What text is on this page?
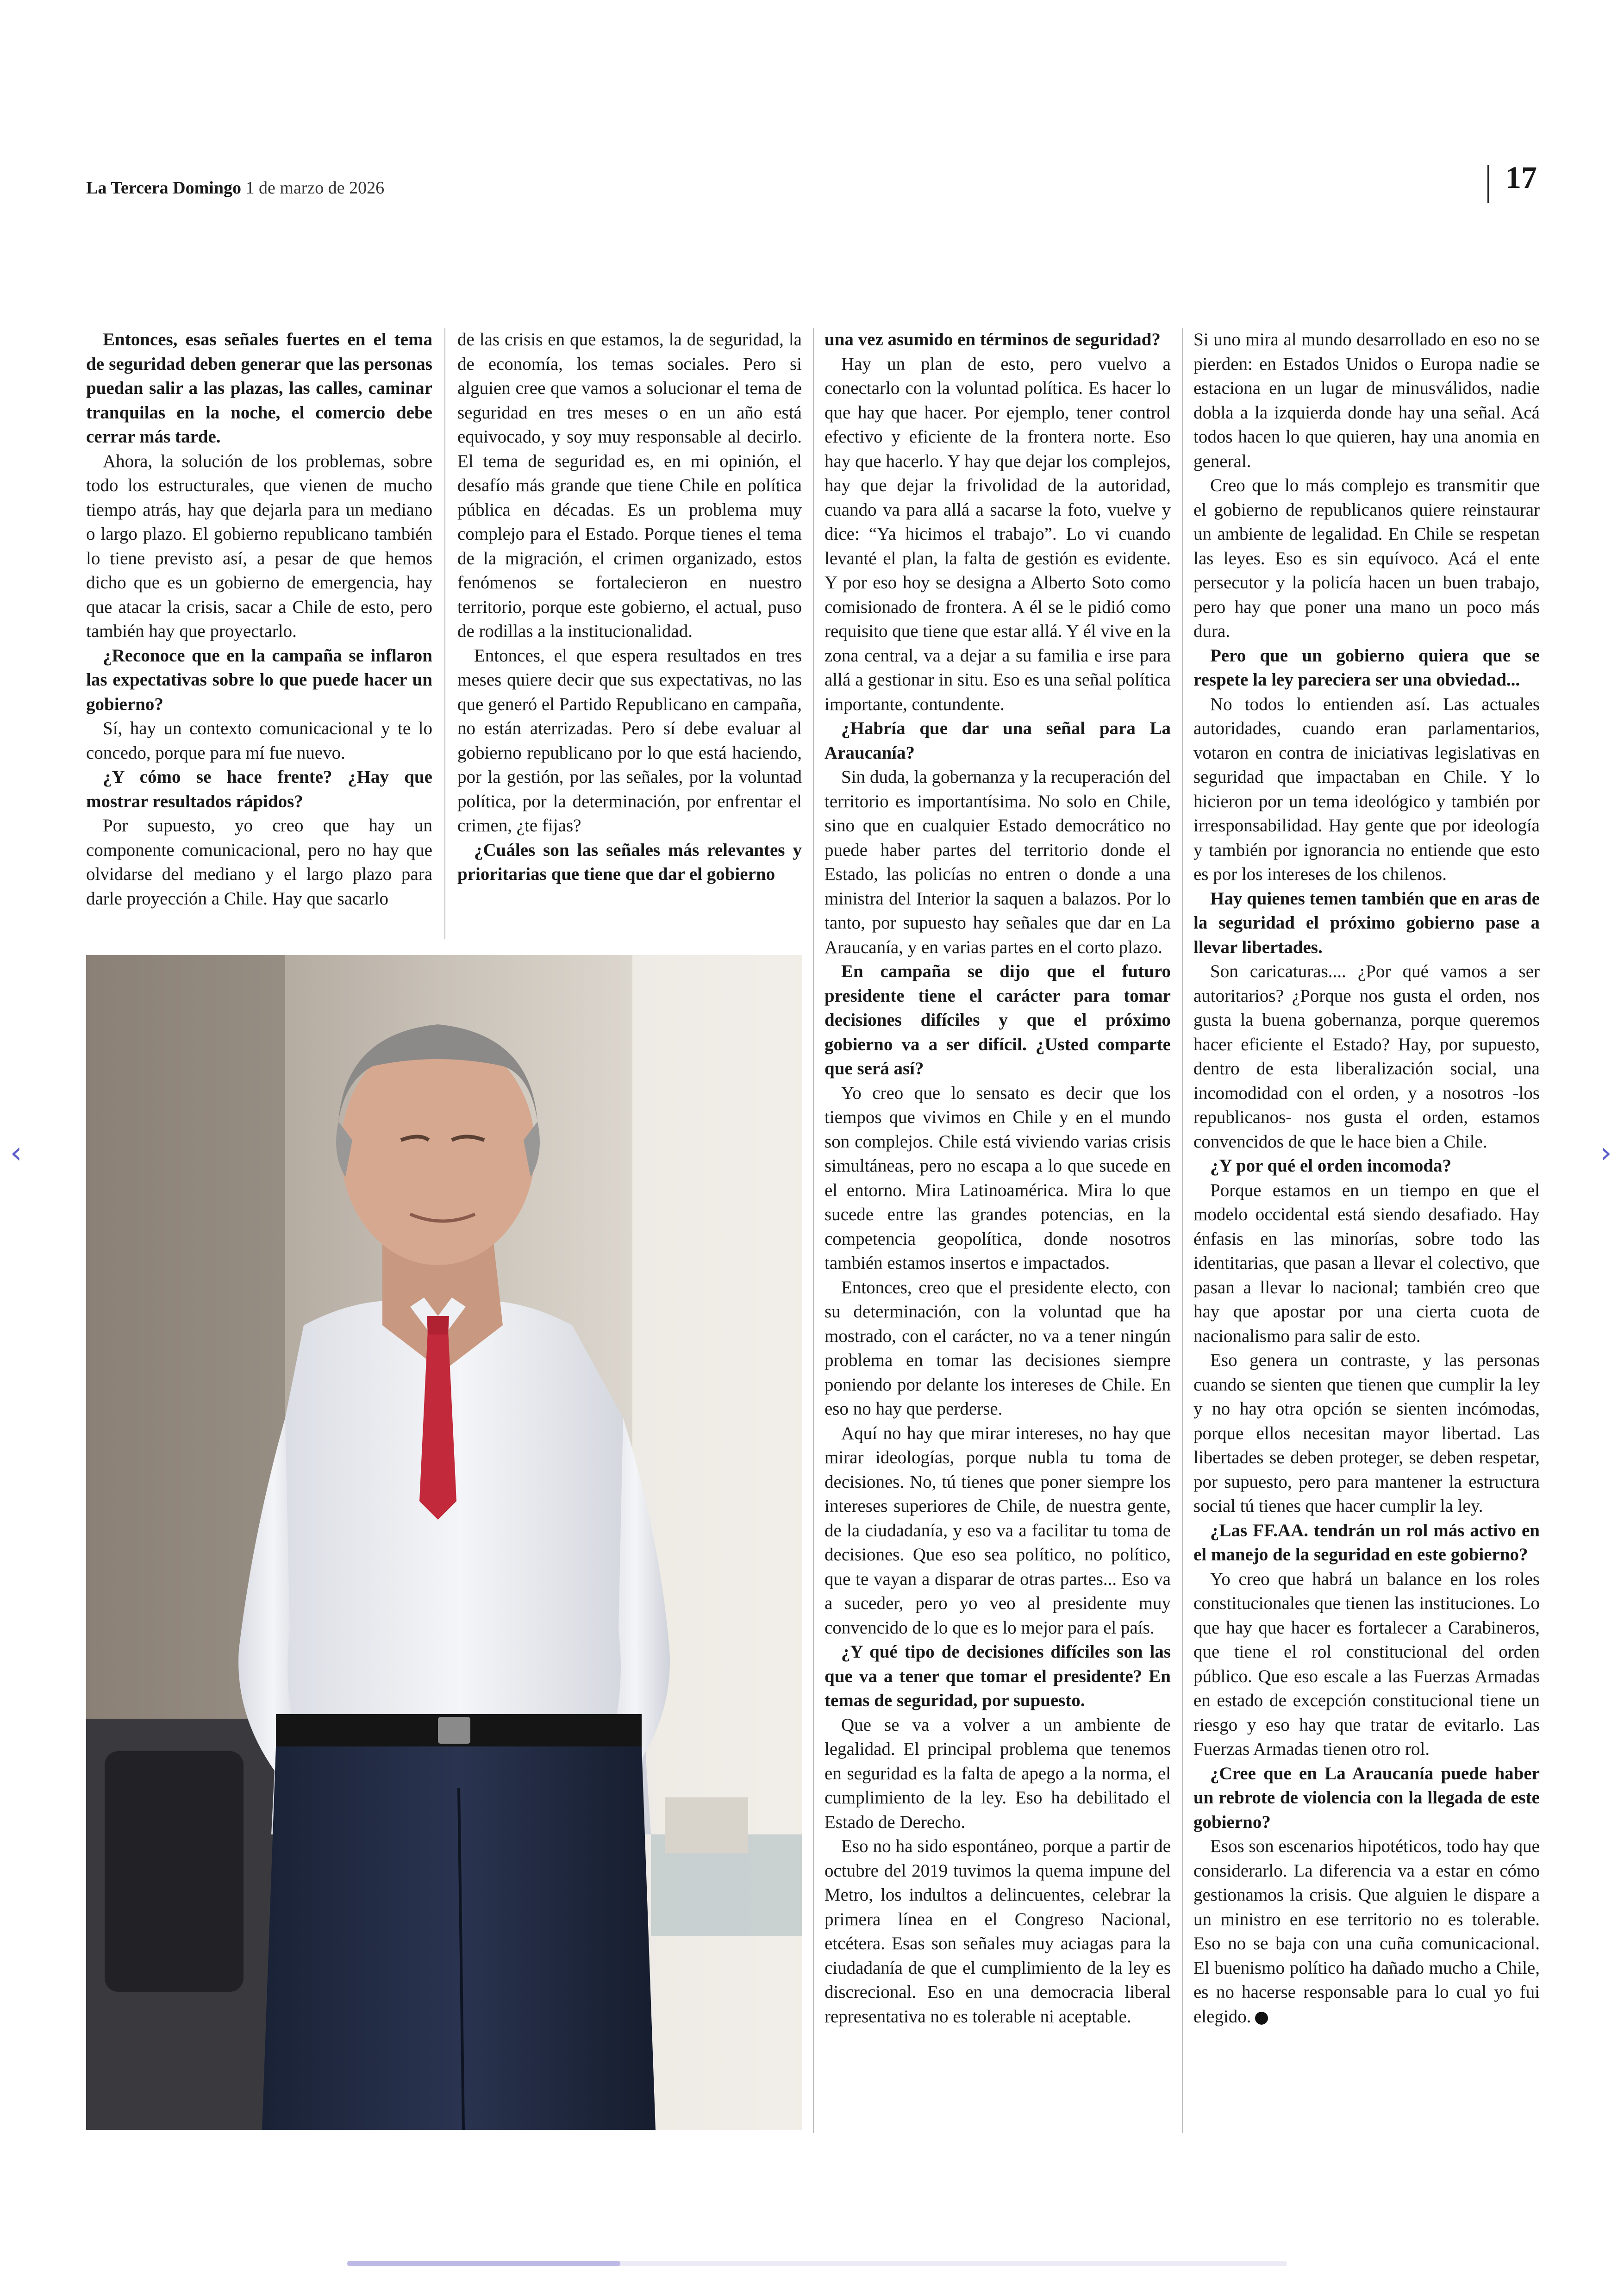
La Tercera Domingo 1 de marzo de 2026	17

Entonces, esas señales fuertes en el tema de seguridad deben generar que las personas puedan salir a las plazas, las calles, caminar tranquilas en la noche, el comercio debe cerrar más tarde.

Ahora, la solución de los problemas, sobre todo los estructurales, que vienen de mucho tiempo atrás, hay que dejarla para un mediano o largo plazo. El gobierno republicano también lo tiene previsto así, a pesar de que hemos dicho que es un gobierno de emergencia, hay que atacar la crisis, sacar a Chile de esto, pero también hay que proyectarlo.

¿Reconoce que en la campaña se inflaron las expectativas sobre lo que puede hacer un gobierno?

Sí, hay un contexto comunicacional y te lo concedo, porque para mí fue nuevo.

¿Y cómo se hace frente? ¿Hay que mostrar resultados rápidos?

Por supuesto, yo creo que hay un componente comunicacional, pero no hay que olvidarse del mediano y el largo plazo para darle proyección a Chile. Hay que sacarlo

de las crisis en que estamos, la de seguridad, la de economía, los temas sociales. Pero si alguien cree que vamos a solucionar el tema de seguridad en tres meses o en un año está equivocado, y soy muy responsable al decirlo. El tema de seguridad es, en mi opinión, el desafío más grande que tiene Chile en política pública en décadas. Es un problema muy complejo para el Estado. Porque tienes el tema de la migración, el crimen organizado, estos fenómenos se fortalecieron en nuestro territorio, porque este gobierno, el actual, puso de rodillas a la institucionalidad.

Entonces, el que espera resultados en tres meses quiere decir que sus expectativas, no las que generó el Partido Republicano en campaña, no están aterrizadas. Pero sí debe evaluar al gobierno republicano por lo que está haciendo, por la gestión, por las señales, por la voluntad política, por la determinación, por enfrentar el crimen, ¿te fijas?

¿Cuáles son las señales más relevantes y prioritarias que tiene que dar el gobierno

una vez asumido en términos de seguridad?

Hay un plan de esto, pero vuelvo a conectarlo con la voluntad política. Es hacer lo que hay que hacer. Por ejemplo, tener control efectivo y eficiente de la frontera norte. Eso hay que hacerlo. Y hay que dejar los complejos, hay que dejar la frivolidad de la autoridad, cuando va para allá a sacarse la foto, vuelve y dice: “Ya hicimos el trabajo”. Lo vi cuando levanté el plan, la falta de gestión es evidente. Y por eso hoy se designa a Alberto Soto como comisionado de frontera. A él se le pidió como requisito que tiene que estar allá. Y él vive en la zona central, va a dejar a su familia e irse para allá a gestionar in situ. Eso es una señal política importante, contundente.

¿Habría que dar una señal para La Araucanía?

Sin duda, la gobernanza y la recuperación del territorio es importantísima. No solo en Chile, sino que en cualquier Estado democrático no puede haber partes del territorio donde el Estado, las policías no entren o donde a una ministra del Interior la saquen a balazos. Por lo tanto, por supuesto hay señales que dar en La Araucanía, y en varias partes en el corto plazo.

En campaña se dijo que el futuro presidente tiene el carácter para tomar decisiones difíciles y que el próximo gobierno va a ser difícil. ¿Usted comparte que será así?

Yo creo que lo sensato es decir que los tiempos que vivimos en Chile y en el mundo son complejos. Chile está viviendo varias crisis simultáneas, pero no escapa a lo que sucede en el entorno. Mira Latinoamérica. Mira lo que sucede entre las grandes potencias, en la competencia geopolítica, donde nosotros también estamos insertos e impactados.

Entonces, creo que el presidente electo, con su determinación, con la voluntad que ha mostrado, con el carácter, no va a tener ningún problema en tomar las decisiones siempre poniendo por delante los intereses de Chile. En eso no hay que perderse.

Aquí no hay que mirar intereses, no hay que mirar ideologías, porque nubla tu toma de decisiones. No, tú tienes que poner siempre los intereses superiores de Chile, de nuestra gente, de la ciudadanía, y eso va a facilitar tu toma de decisiones. Que eso sea político, no político, que te vayan a disparar de otras partes... Eso va a suceder, pero yo veo al presidente muy convencido de lo que es lo mejor para el país.

¿Y qué tipo de decisiones difíciles son las que va a tener que tomar el presidente? En temas de seguridad, por supuesto.

Que se va a volver a un ambiente de legalidad. El principal problema que tenemos en seguridad es la falta de apego a la norma, el cumplimiento de la ley. Eso ha debilitado el Estado de Derecho.

Eso no ha sido espontáneo, porque a partir de octubre del 2019 tuvimos la quema impune del Metro, los indultos a delincuentes, celebrar la primera línea en el Congreso Nacional, etcétera. Esas son señales muy aciagas para la ciudadanía de que el cumplimiento de la ley es discrecional. Eso en una democracia liberal representativa no es tolerable ni aceptable.

Si uno mira al mundo desarrollado en eso no se pierden: en Estados Unidos o Europa nadie se estaciona en un lugar de minusválidos, nadie dobla a la izquierda donde hay una señal. Acá todos hacen lo que quieren, hay una anomia en general.

Creo que lo más complejo es transmitir que el gobierno de republicanos quiere reinstaurar un ambiente de legalidad. En Chile se respetan las leyes. Eso es sin equívoco. Acá el ente persecutor y la policía hacen un buen trabajo, pero hay que poner una mano un poco más dura.

Pero que un gobierno quiera que se respete la ley pareciera ser una obviedad...

No todos lo entienden así. Las actuales autoridades, cuando eran parlamentarios, votaron en contra de iniciativas legislativas en seguridad que impactaban en Chile. Y lo hicieron por un tema ideológico y también por irresponsabilidad. Hay gente que por ideología y también por ignorancia no entiende que esto es por los intereses de los chilenos.

Hay quienes temen también que en aras de la seguridad el próximo gobierno pase a llevar libertades.

Son caricaturas.... ¿Por qué vamos a ser autoritarios? ¿Porque nos gusta el orden, nos gusta la buena gobernanza, porque queremos hacer eficiente el Estado? Hay, por supuesto, dentro de esta liberalización social, una incomodidad con el orden, y a nosotros -los republicanos- nos gusta el orden, estamos convencidos de que le hace bien a Chile.

¿Y por qué el orden incomoda?

Porque estamos en un tiempo en que el modelo occidental está siendo desafiado. Hay énfasis en las minorías, sobre todo las identitarias, que pasan a llevar el colectivo, que pasan a llevar lo nacional; también creo que hay que apostar por una cierta cuota de nacionalismo para salir de esto.

Eso genera un contraste, y las personas cuando se sienten que tienen que cumplir la ley y no hay otra opción se sienten incómodas, porque ellos necesitan mayor libertad. Las libertades se deben proteger, se deben respetar, por supuesto, pero para mantener la estructura social tú tienes que hacer cumplir la ley.

¿Las FF.AA. tendrán un rol más activo en el manejo de la seguridad en este gobierno?

Yo creo que habrá un balance en los roles constitucionales que tienen las instituciones. Lo que hay que hacer es fortalecer a Carabineros, que tiene el rol constitucional del orden público. Que eso escale a las Fuerzas Armadas en estado de excepción constitucional tiene un riesgo y eso hay que tratar de evitarlo. Las Fuerzas Armadas tienen otro rol.

¿Cree que en La Araucanía puede haber un rebrote de violencia con la llegada de este gobierno?

Esos son escenarios hipotéticos, todo hay que considerarlo. La diferencia va a estar en cómo gestionamos la crisis. Que alguien le dispare a un ministro en ese territorio no es tolerable. Eso no se baja con una cuña comunicacional. El buenismo político ha dañado mucho a Chile, es no hacerse responsable para lo cual yo fui elegido.

‹	›
